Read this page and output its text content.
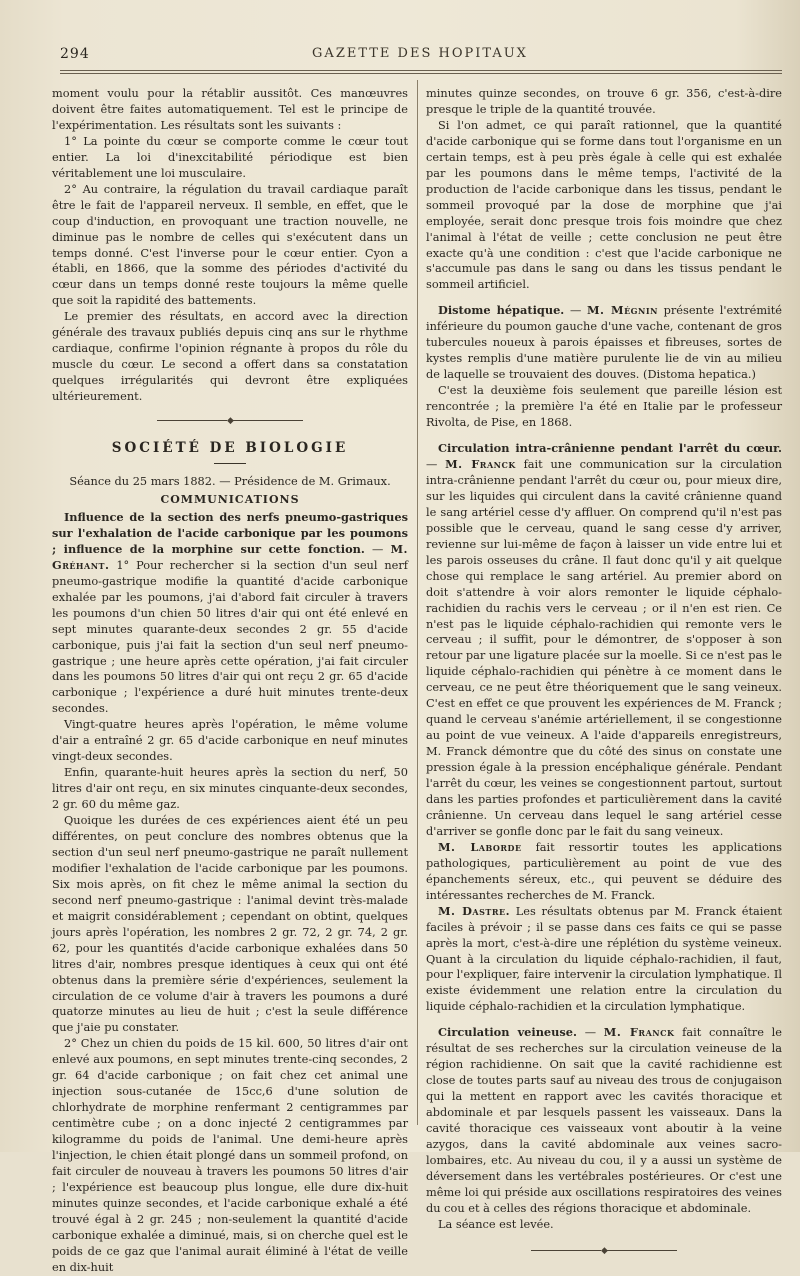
294	GAZETTE DES HOPITAUX

moment voulu pour la rétablir aussitôt. Ces manœuvres doivent être faites automatiquement. Tel est le principe de l'expérimentation. Les résultats sont les suivants :

1° La pointe du cœur se comporte comme le cœur tout entier. La loi d'inexcitabilité périodique est bien véritablement une loi musculaire.

2° Au contraire, la régulation du travail cardiaque paraît être le fait de l'appareil nerveux. Il semble, en effet, que le coup d'induction, en provoquant une traction nouvelle, ne diminue pas le nombre de celles qui s'exécutent dans un temps donné. C'est l'inverse pour le cœur entier. Cyon a établi, en 1866, que la somme des périodes d'activité du cœur dans un temps donné reste toujours la même quelle que soit la rapidité des battements.

Le premier des résultats, en accord avec la direction générale des travaux publiés depuis cinq ans sur le rhythme cardiaque, confirme l'opinion régnante à propos du rôle du muscle du cœur. Le second a offert dans sa constatation quelques irrégularités qui devront être expliquées ultérieurement.

◆
SOCIÉTÉ DE BIOLOGIE

Séance du 25 mars 1882. — Présidence de M. Grimaux.

COMMUNICATIONS

Influence de la section des nerfs pneumo-gastriques sur l'exhalation de l'acide carbonique par les poumons ; influence de la morphine sur cette fonction. — M. Gréhant. 1° Pour rechercher si la section d'un seul nerf pneumo-gastrique modifie la quantité d'acide carbonique exhalée par les poumons, j'ai d'abord fait circuler à travers les poumons d'un chien 50 litres d'air qui ont été enlevé en sept minutes quarante-deux secondes 2 gr. 55 d'acide carbonique, puis j'ai fait la section d'un seul nerf pneumo-gastrique ; une heure après cette opération, j'ai fait circuler dans les poumons 50 litres d'air qui ont reçu 2 gr. 65 d'acide carbonique ; l'expérience a duré huit minutes trente-deux secondes.

Vingt-quatre heures après l'opération, le même volume d'air a entraîné 2 gr. 65 d'acide carbonique en neuf minutes vingt-deux secondes.

Enfin, quarante-huit heures après la section du nerf, 50 litres d'air ont reçu, en six minutes cinquante-deux secondes, 2 gr. 60 du même gaz.

Quoique les durées de ces expériences aient été un peu différentes, on peut conclure des nombres obtenus que la section d'un seul nerf pneumo-gastrique ne paraît nullement modifier l'exhalation de l'acide carbonique par les poumons. Six mois après, on fit chez le même animal la section du second nerf pneumo-gastrique : l'animal devint très-malade et maigrit considérablement ; cependant on obtint, quelques jours après l'opération, les nombres 2 gr. 72, 2 gr. 74, 2 gr. 62, pour les quantités d'acide carbonique exhalées dans 50 litres d'air, nombres presque identiques à ceux qui ont été obtenus dans la première série d'expériences, seulement la circulation de ce volume d'air à travers les poumons a duré quatorze minutes au lieu de huit ; c'est la seule différence que j'aie pu constater.

2° Chez un chien du poids de 15 kil. 600, 50 litres d'air ont enlevé aux poumons, en sept minutes trente-cinq secondes, 2 gr. 64 d'acide carbonique ; on fait chez cet animal une injection sous-cutanée de 15cc,6 d'une solution de chlorhydrate de morphine renfermant 2 centigrammes par centimètre cube ; on a donc injecté 2 centigrammes par kilogramme du poids de l'animal. Une demi-heure après l'injection, le chien était plongé dans un sommeil profond, on fait circuler de nouveau à travers les poumons 50 litres d'air ; l'expérience est beaucoup plus longue, elle dure dix-huit minutes quinze secondes, et l'acide carbonique exhalé a été trouvé égal à 2 gr. 245 ; non-seulement la quantité d'acide carbonique exhalée a diminué, mais, si on cherche quel est le poids de ce gaz que l'animal aurait éliminé à l'état de veille en dix-huit

minutes quinze secondes, on trouve 6 gr. 356, c'est-à-dire presque le triple de la quantité trouvée.

Si l'on admet, ce qui paraît rationnel, que la quantité d'acide carbonique qui se forme dans tout l'organisme en un certain temps, est à peu près égale à celle qui est exhalée par les poumons dans le même temps, l'activité de la production de l'acide carbonique dans les tissus, pendant le sommeil provoqué par la dose de morphine que j'ai employée, serait donc presque trois fois moindre que chez l'animal à l'état de veille ; cette conclusion ne peut être exacte qu'à une condition : c'est que l'acide carbonique ne s'accumule pas dans le sang ou dans les tissus pendant le sommeil artificiel.

Distome hépatique. — M. Mégnin présente l'extrémité inférieure du poumon gauche d'une vache, contenant de gros tubercules noueux à parois épaisses et fibreuses, sortes de kystes remplis d'une matière purulente lie de vin au milieu de laquelle se trouvaient des douves. (Distoma hepatica.)

C'est la deuxième fois seulement que pareille lésion est rencontrée ; la première l'a été en Italie par le professeur Rivolta, de Pise, en 1868.

Circulation intra-crânienne pendant l'arrêt du cœur. — M. Franck fait une communication sur la circulation intra-crânienne pendant l'arrêt du cœur ou, pour mieux dire, sur les liquides qui circulent dans la cavité crânienne quand le sang artériel cesse d'y affluer. On comprend qu'il n'est pas possible que le cerveau, quand le sang cesse d'y arriver, revienne sur lui-même de façon à laisser un vide entre lui et les parois osseuses du crâne. Il faut donc qu'il y ait quelque chose qui remplace le sang artériel. Au premier abord on doit s'attendre à voir alors remonter le liquide céphalo-rachidien du rachis vers le cerveau ; or il n'en est rien. Ce n'est pas le liquide céphalo-rachidien qui remonte vers le cerveau ; il suffit, pour le démontrer, de s'opposer à son retour par une ligature placée sur la moelle. Si ce n'est pas le liquide céphalo-rachidien qui pénètre à ce moment dans le cerveau, ce ne peut être théoriquement que le sang veineux. C'est en effet ce que prouvent les expériences de M. Franck ; quand le cerveau s'anémie artériellement, il se congestionne au point de vue veineux. A l'aide d'appareils enregistreurs, M. Franck démontre que du côté des sinus on constate une pression égale à la pression encéphalique générale. Pendant l'arrêt du cœur, les veines se congestionnent partout, surtout dans les parties profondes et particulièrement dans la cavité crânienne. Un cerveau dans lequel le sang artériel cesse d'arriver se gonfle donc par le fait du sang veineux.

M. Laborde fait ressortir toutes les applications pathologiques, particulièrement au point de vue des épanchements séreux, etc., qui peuvent se déduire des intéressantes recherches de M. Franck.

M. Dastre. Les résultats obtenus par M. Franck étaient faciles à prévoir ; il se passe dans ces faits ce qui se passe après la mort, c'est-à-dire une réplétion du système veineux. Quant à la circulation du liquide céphalo-rachidien, il faut, pour l'expliquer, faire intervenir la circulation lymphatique. Il existe évidemment une relation entre la circulation du liquide céphalo-rachidien et la circulation lymphatique.

Circulation veineuse. — M. Franck fait connaître le résultat de ses recherches sur la circulation veineuse de la région rachidienne. On sait que la cavité rachidienne est close de toutes parts sauf au niveau des trous de conjugaison qui la mettent en rapport avec les cavités thoracique et abdominale et par lesquels passent les vaisseaux. Dans la cavité thoracique ces vaisseaux vont aboutir à la veine azygos, dans la cavité abdominale aux veines sacro-lombaires, etc. Au niveau du cou, il y a aussi un système de déversement dans les vertébrales postérieures. Or c'est une même loi qui préside aux oscillations respiratoires des veines du cou et à celles des régions thoracique et abdominale.

La séance est levée.

◆
